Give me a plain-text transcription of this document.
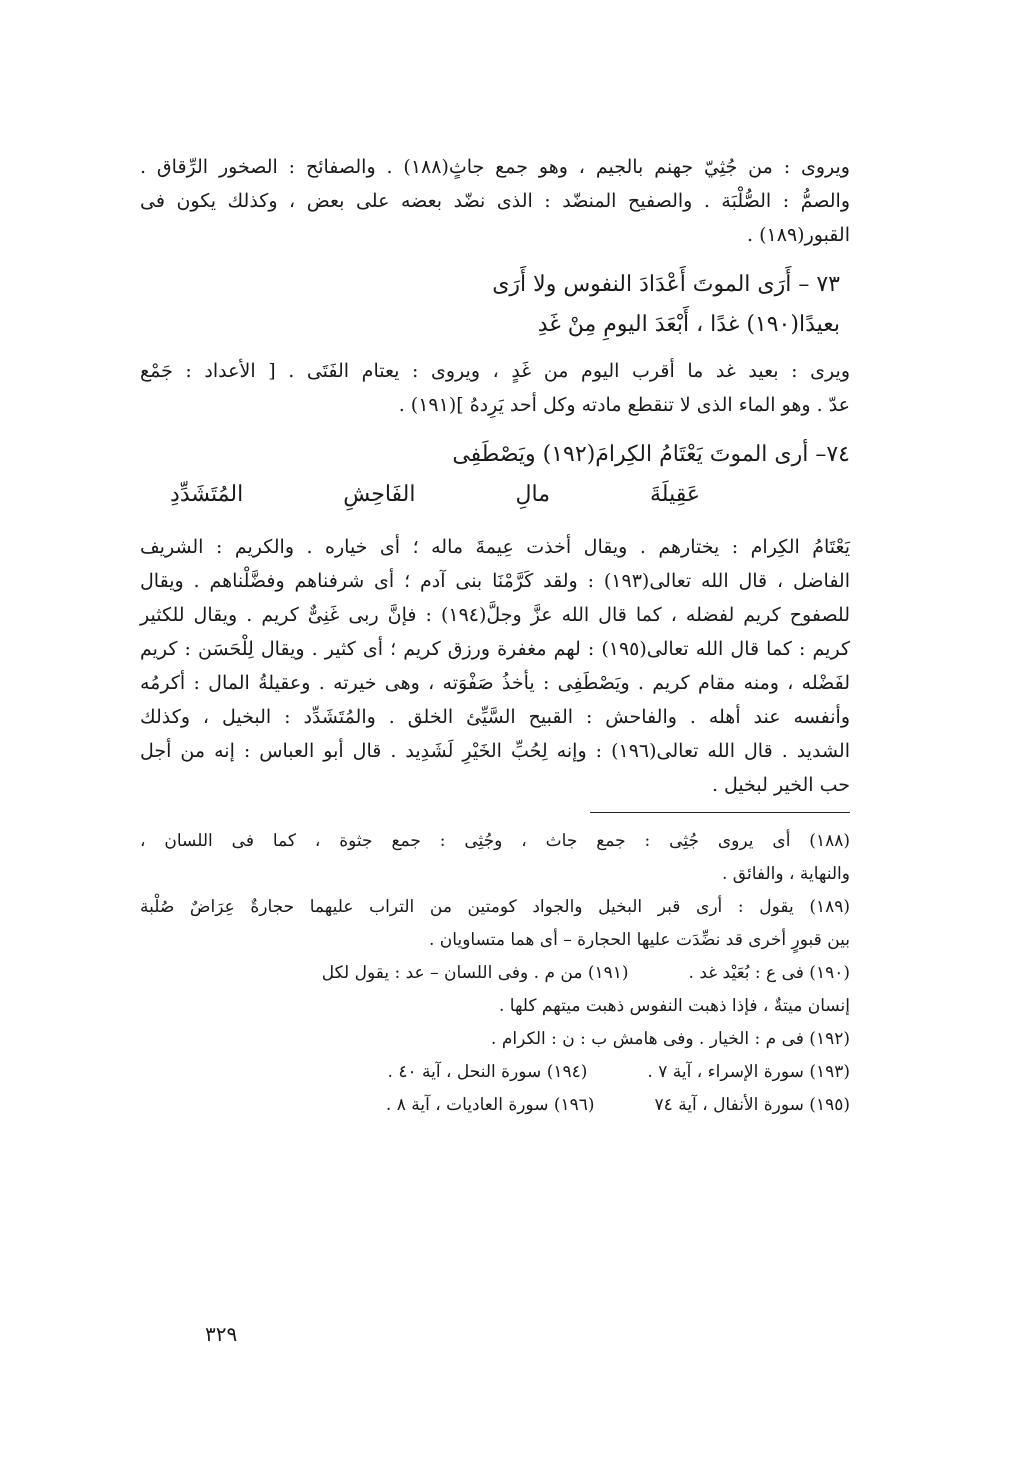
ويروى : من جُثِيّ جهنم بالجيم ، وهو جمع جاثٍ(١٨٨) . والصفائح : الصخور الرِّقاق .
والصمُّ : الصُّلْبَة . والصفيح المنضّد : الذى نضّد بعضه على بعض ، وكذلك يكون فى
القبور(١٨٩) .
٧٣ – أَرَى الموتَ أَعْدَادَ النفوس ولا أَرَى
بعيدًا(١٩٠) غدًا ، أَبْعَدَ اليومِ مِنْ غَدِ
ويرى : بعيد غد ما أقرب اليوم من غَدٍ ، ويروى : يعتام الفَتَى . [ الأعداد : جَمْع
عدّ . وهو الماء الذى لا تنقطع مادته وكل أحد يَرِدهُ ](١٩١) .
٧٤– أرى الموتَ يَعْتَامُ الكِرامَ(١٩٢) ويَصْطَفِى
عَقِيلَةَ
مالِ
الفَاحِشِ
المُتَشَدِّدِ
يَعْتَامُ الكِرام : يختارهم . ويقال أخذت عِيمةَ ماله ؛ أى خياره . والكريم : الشريف
الفاضل ، قال الله تعالى(١٩٣) : ولقد كَرَّمْنَا بنى آدم ؛ أى شرفناهم وفضَّلْناهم . ويقال
للصفوح كريم لفضله ، كما قال الله عزَّ وجلَّ(١٩٤) : فإنَّ ربى غَنِىٌّ كريم . ويقال للكثير
كريم : كما قال الله تعالى(١٩٥) : لهم مغفرة ورزق كريم ؛ أى كثير . ويقال لِلْحَسَن : كريم
لفَضْله ، ومنه مقام كريم . ويَصْطَفِى : يأخذُ صَفْوَته ، وهى خيرته . وعقيلةُ المال : أكرمُه
وأنفسه عند أهله . والفاحش : القبيح السَّيِّئ الخلق . والمُتَشَدِّد : البخيل ، وكذلك
الشديد . قال الله تعالى(١٩٦) : وإنه لِحُبِّ الخَيْرِ لَشَدِيد . قال أبو العباس : إنه من أجل
حب الخير لبخيل .
(١٨٨) أى يروى جُثِى : جمع جاث ، وجُثِى : جمع جثوة ، كما فى اللسان ،
والنهاية ، والفائق .
(١٨٩) يقول : أرى قبر البخيل والجواد كومتين من التراب عليهما حجارةٌ عِرَاضٌ صُلْبة
بين قبورٍ أخرى قد نضِّدَت عليها الحجارة – أى هما متساويان .
(١٩٠) فى ع : بُعَيْد غد .
(١٩١) من م . وفى اللسان – عد : يقول لكل
إنسان ميتةٌ ، فإذا ذهبت النفوس ذهبت ميتهم كلها .
(١٩٢) فى م : الخيار . وفى هامش ب : ن : الكرام .
(١٩٣) سورة الإسراء ، آية ٧ .
(١٩٤) سورة النحل ، آية ٤٠ .
(١٩٥) سورة الأنفال ، آية ٧٤
(١٩٦) سورة العاديات ، آية ٨ .
٣٢٩
